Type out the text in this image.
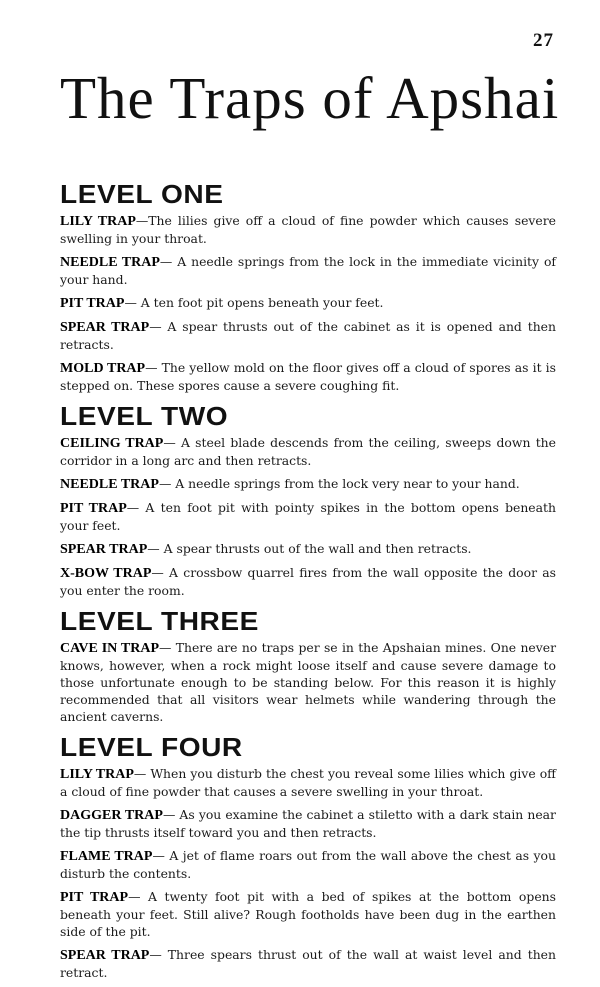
27
The Traps of Apshai
LEVEL ONE

LILY TRAP—The lilies give off a cloud of fine powder which causes severe swelling in your throat.

NEEDLE TRAP— A needle springs from the lock in the immediate vicinity of your hand.

PIT TRAP— A ten foot pit opens beneath your feet.

SPEAR TRAP— A spear thrusts out of the cabinet as it is opened and then retracts.

MOLD TRAP— The yellow mold on the floor gives off a cloud of spores as it is stepped on. These spores cause a severe coughing fit.

LEVEL TWO

CEILING TRAP— A steel blade descends from the ceiling, sweeps down the corridor in a long arc and then retracts.

NEEDLE TRAP— A needle springs from the lock very near to your hand.

PIT TRAP— A ten foot pit with pointy spikes in the bottom opens beneath your feet.

SPEAR TRAP— A spear thrusts out of the wall and then retracts.

X-BOW TRAP— A crossbow quarrel fires from the wall opposite the door as you enter the room.

LEVEL THREE

CAVE IN TRAP— There are no traps per se in the Apshaian mines. One never knows, however, when a rock might loose itself and cause severe damage to those unfortunate enough to be standing below. For this reason it is highly recommended that all visitors wear helmets while wandering through the ancient caverns.

LEVEL FOUR

LILY TRAP— When you disturb the chest you reveal some lilies which give off a cloud of fine powder that causes a severe swelling in your throat.

DAGGER TRAP— As you examine the cabinet a stiletto with a dark stain near the tip thrusts itself toward you and then retracts.

FLAME TRAP— A jet of flame roars out from the wall above the chest as you disturb the contents.

PIT TRAP— A twenty foot pit with a bed of spikes at the bottom opens beneath your feet. Still alive? Rough footholds have been dug in the earthen side of the pit.

SPEAR TRAP— Three spears thrust out of the wall at waist level and then retract.
